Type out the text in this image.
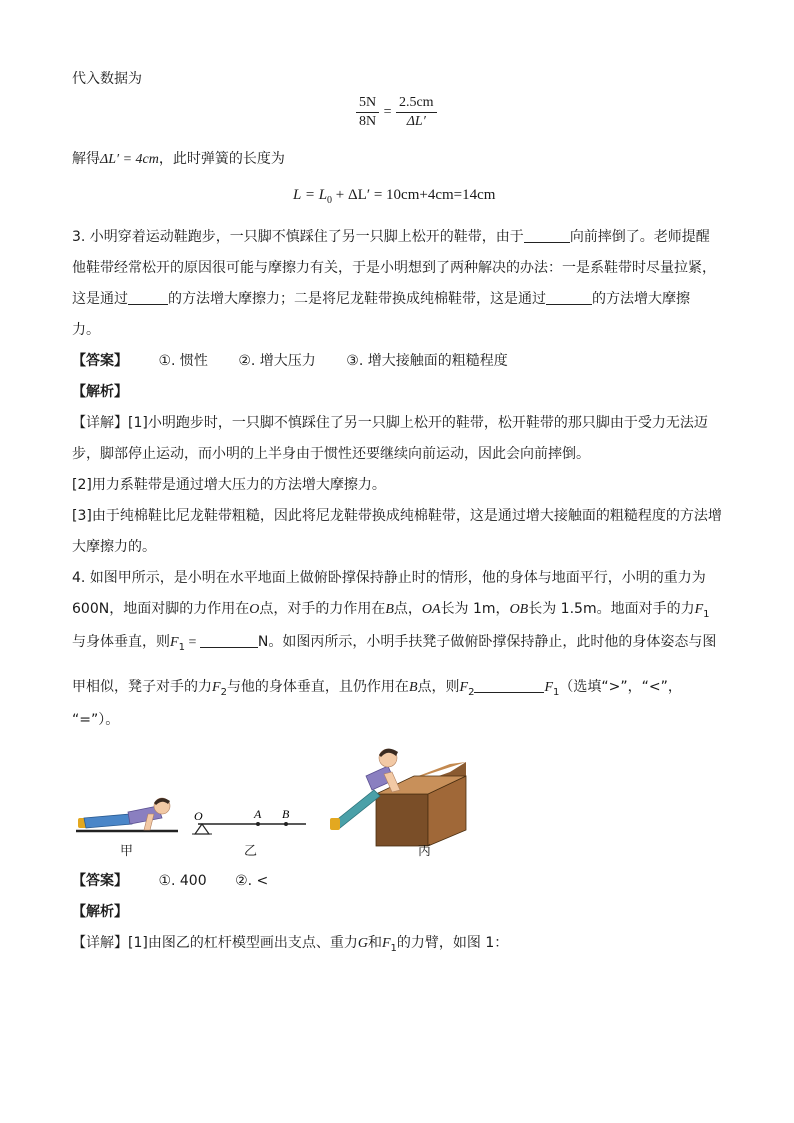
代入数据为
$\frac{5N}{8N} = \frac{2.5cm}{\Delta L'}$
解得ΔL′ = 4cm，此时弹簧的长度为
$L = L_0 + \Delta L' = 10cm+4cm=14cm$
3. 小明穿着运动鞋跑步，一只脚不慎踩住了另一只脚上松开的鞋带，由于	向前摔倒了。老师提醒
他鞋带经常松开的原因很可能与摩擦力有关，于是小明想到了两种解决的办法：一是系鞋带时尽量拉紧，
这是通过	的方法增大摩擦力；二是将尼龙鞋带换成纯棉鞋带，这是通过	的方法增大摩擦
力。
【答案】 ①. 惯性 ②. 增大压力 ③. 增大接触面的粗糙程度
【解析】
【详解】[1]小明跑步时，一只脚不慎踩住了另一只脚上松开的鞋带，松开鞋带的那只脚由于受力无法迈
步，脚部停止运动，而小明的上半身由于惯性还要继续向前运动，因此会向前摔倒。
[2]用力系鞋带是通过增大压力的方法增大摩擦力。
[3]由于纯棉鞋比尼龙鞋带粗糙，因此将尼龙鞋带换成纯棉鞋带，这是通过增大接触面的粗糙程度的方法增
大摩擦力的。
4. 如图甲所示，是小明在水平地面上做俯卧撑保持静止时的情形，他的身体与地面平行，小明的重力为
600N，地面对脚的力作用在O点，对手的力作用在B点，OA长为 1m，OB长为 1.5m。地面对手的力$F_1$
与身体垂直，则$F_1$ =	N。如图丙所示，小明手扶凳子做俯卧撑保持静止，此时他的身体姿态与图
甲相似，凳子对手的力$F_2$与他的身体垂直，且仍作用在B点，则$F_2$	$F_1$（选填“>”，“<”，
“=”）。
O	A B
甲	乙	丙
【答案】 ①. 400 ②. <
【解析】
【详解】[1]由图乙的杠杆模型画出支点、重力G和$F_1$的力臂，如图 1：
